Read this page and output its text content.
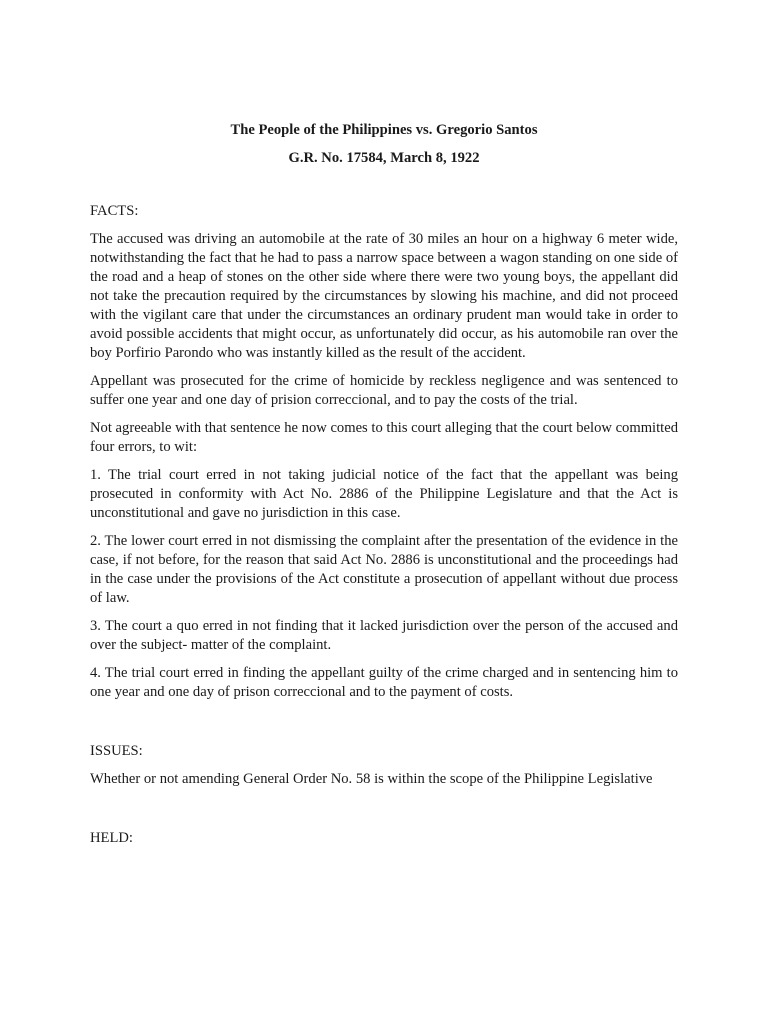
The People of the Philippines vs. Gregorio Santos

G.R. No. 17584, March 8, 1922

FACTS:

The accused was driving an automobile at the rate of 30 miles an hour on a highway 6 meter wide, notwithstanding the fact that he had to pass a narrow space between a wagon standing on one side of the road and a heap of stones on the other side where there were two young boys, the appellant did not take the precaution required by the circumstances by slowing his machine, and did not proceed with the vigilant care that under the circumstances an ordinary prudent man would take in order to avoid possible accidents that might occur, as unfortunately did occur, as his automobile ran over the boy Porfirio Parondo who was instantly killed as the result of the accident.

Appellant was prosecuted for the crime of homicide by reckless negligence and was sentenced to suffer one year and one day of prision correccional, and to pay the costs of the trial.

Not agreeable with that sentence he now comes to this court alleging that the court below committed four errors, to wit:

1. The trial court erred in not taking judicial notice of the fact that the appellant was being prosecuted in conformity with Act No. 2886 of the Philippine Legislature and that the Act is unconstitutional and gave no jurisdiction in this case.

2. The lower court erred in not dismissing the complaint after the presentation of the evidence in the case, if not before, for the reason that said Act No. 2886 is unconstitutional and the proceedings had in the case under the provisions of the Act constitute a prosecution of appellant without due process of law.

3. The court a quo erred in not finding that it lacked jurisdiction over the person of the accused and over the subject- matter of the complaint.

4. The trial court erred in finding the appellant guilty of the crime charged and in sentencing him to one year and one day of prison correccional and to the payment of costs.

ISSUES:

Whether or not amending General Order No. 58 is within the scope of the Philippine Legislative

HELD:
